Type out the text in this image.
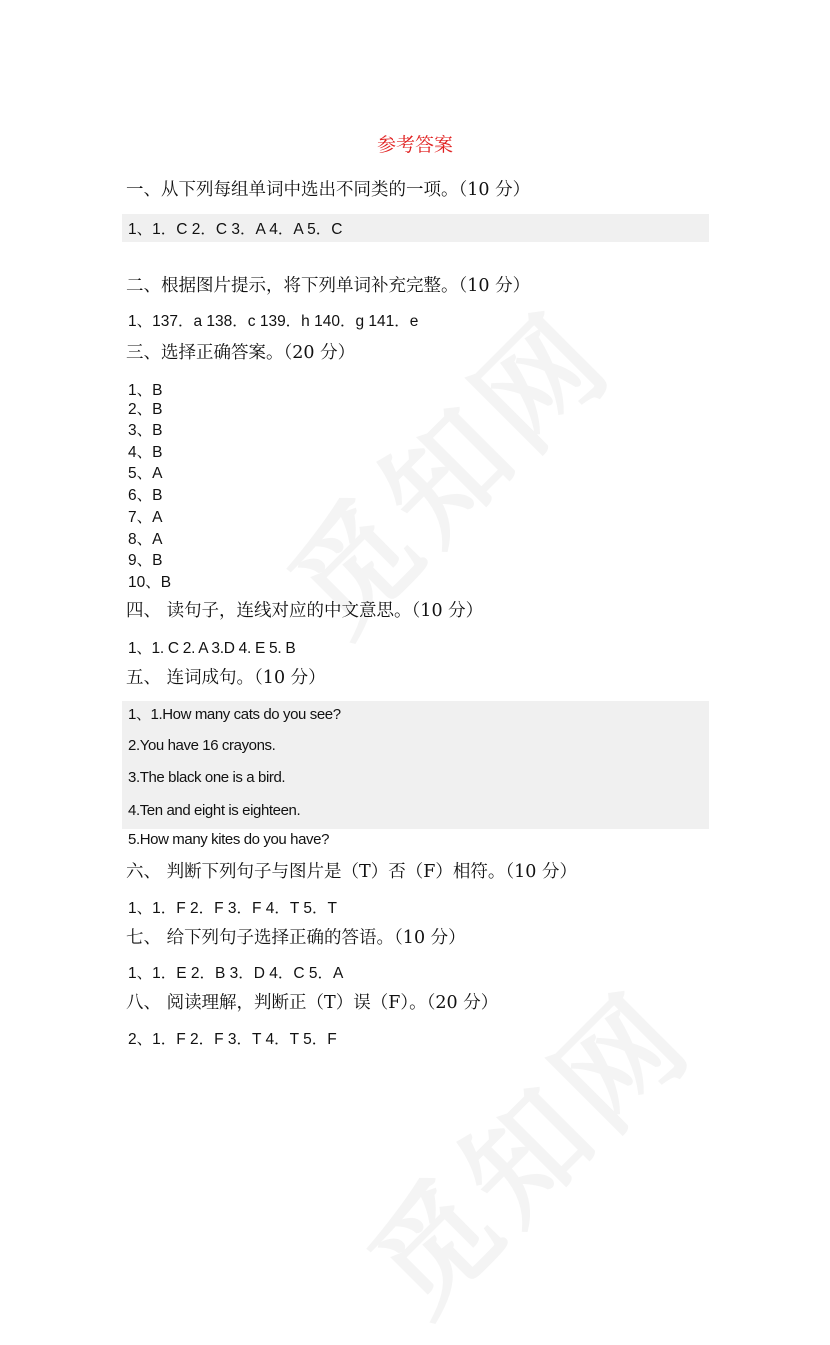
参考答案
一、从下列每组单词中选出不同类的一项。（10 分）
1、1．C 2．C 3．A 4．A 5．C
二、根据图片提示，将下列单词补充完整。（10 分）
1、137．a 138．c 139．h 140．g 141．e
三、选择正确答案。（20 分）
1、B
2、B
3、B
4、B
5、A
6、B
7、A
8、A
9、B
10、B
四、 读句子，连线对应的中文意思。（10 分）
1、1. C 2. A 3.D 4. E 5. B
五、 连词成句。（10 分）
1、1.How many cats do you see?
2.You have 16 crayons.
3.The black one is a bird.
4.Ten and eight is eighteen.
5.How many kites do you have?
六、 判断下列句子与图片是（T）否（F）相符。（10 分）
1、1．F 2．F 3．F 4．T 5．T
七、 给下列句子选择正确的答语。（10 分）
1、1．E 2．B 3．D 4．C 5．A
八、 阅读理解，判断正（T）误（F）。（20 分）
2、1．F 2．F 3．T 4．T 5．F
